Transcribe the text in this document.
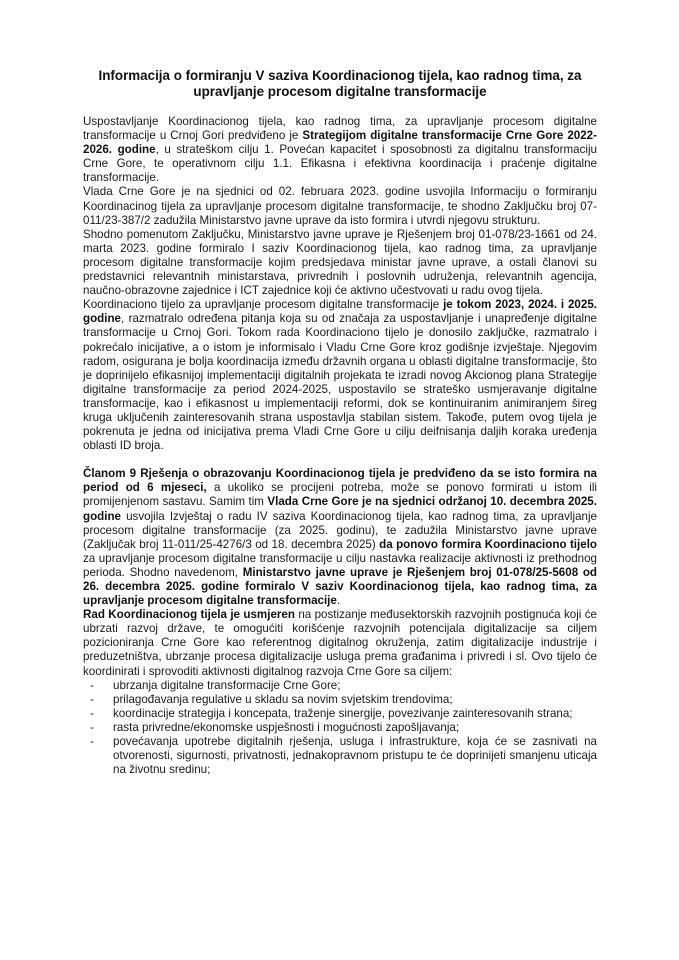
Informacija o formiranju V saziva Koordinacionog tijela, kao radnog tima, za upravljanje procesom digitalne transformacije

Uspostavljanje Koordinacionog tijela, kao radnog tima, za upravljanje procesom digitalne transformacije u Crnoj Gori predviđeno je Strategijom digitalne transformacije Crne Gore 2022-2026. godine, u strateškom cilju 1. Povećan kapacitet i sposobnosti za digitalnu transformaciju Crne Gore, te operativnom cilju 1.1. Efikasna i efektivna koordinacija i praćenje digitalne transformacije.

Vlada Crne Gore je na sjednici od 02. februara 2023. godine usvojila Informaciju o formiranju Koordinacinog tijela za upravljanje procesom digitalne transformacije, te shodno Zaključku broj 07-011/23-387/2 zadužila Ministarstvo javne uprave da isto formira i utvrdi njegovu strukturu.

Shodno pomenutom Zaključku, Ministarstvo javne uprave je Rješenjem broj 01-078/23-1661 od 24. marta 2023. godine formiralo I saziv Koordinacionog tijela, kao radnog tima, za upravljanje procesom digitalne transformacije kojim predsjedava ministar javne uprave, a ostali članovi su predstavnici relevantnih ministarstava, privrednih i poslovnih udruženja, relevantnih agencija, naučno-obrazovne zajednice i ICT zajednice koji će aktivno učestvovati u radu ovog tijela.

Koordinaciono tijelo za upravljanje procesom digitalne transformacije je tokom 2023, 2024. i 2025. godine, razmatralo određena pitanja koja su od značaja za uspostavljanje i unapređenje digitalne transformacije u Crnoj Gori. Tokom rada Koordinaciono tijelo je donosilo zaključke, razmatralo i pokrećalo inicijative, a o istom je informisalo i Vladu Crne Gore kroz godišnje izvještaje. Njegovim radom, osigurana je bolja koordinacija između državnih organa u oblasti digitalne transformacije, što je doprinijelo efikasnijoj implementaciji digitalnih projekata te izradi novog Akcionog plana Strategije digitalne transformacije za period 2024-2025, uspostavilo se strateško usmjeravanje digitalne transformacije, kao i efikasnost u implementaciji reformi, dok se kontinuiranim animiranjem šireg kruga uključenih zainteresovanih strana uspostavlja stabilan sistem. Takođe, putem ovog tijela je pokrenuta je jedna od inicijativa prema Vladi Crne Gore u cilju deifnisanja daljih koraka uređenja oblasti ID broja.

Članom 9 Rješenja o obrazovanju Koordinacionog tijela je predviđeno da se isto formira na period od 6 mjeseci, a ukoliko se procijeni potreba, može se ponovo formirati u istom ili promijenjenom sastavu. Samim tim Vlada Crne Gore je na sjednici održanoj 10. decembra 2025. godine usvojila Izvještaj o radu IV saziva Koordinacionog tijela, kao radnog tima, za upravljanje procesom digitalne transformacije (za 2025. godinu), te zadužila Ministarstvo javne uprave (Zaključak broj 11-011/25-4276/3 od 18. decembra 2025) da ponovo formira Koordinaciono tijelo za upravljanje procesom digitalne transformacije u cilju nastavka realizacije aktivnosti iz prethodnog perioda. Shodno navedenom, Ministarstvo javne uprave je Rješenjem broj 01-078/25-5608 od 26. decembra 2025. godine formiralo V saziv Koordinacionog tijela, kao radnog tima, za upravljanje procesom digitalne transformacije.

Rad Koordinacionog tijela je usmjeren na postizanje međusektorskih razvojnih postignuća koji će ubrzati razvoj države, te omogućiti korišćenje razvojnih potencijala digitalizacije sa ciljem pozicioniranja Crne Gore kao referentnog digitalnog okruženja, zatim digitalizacije industrije i preduzetništva, ubrzanje procesa digitalizacije usluga prema građanima i privredi i sl. Ovo tijelo će koordinirati i sprovoditi aktivnosti digitalnog razvoja Crne Gore sa ciljem:

- ubrzanja digitalne transformacije Crne Gore;
- prilagođavanja regulative u skladu sa novim svjetskim trendovima;
- koordinacije strategija i koncepata, traženje sinergije, povezivanje zainteresovanih strana;
- rasta privredne/ekonomske uspješnosti i mogućnosti zapošljavanja;
- povećavanja upotrebe digitalnih rješenja, usluga i infrastrukture, koja će se zasnivati na otvorenosti, sigurnosti, privatnosti, jednakopravnom pristupu te će doprinijeti smanjenu uticaja na životnu sredinu;
